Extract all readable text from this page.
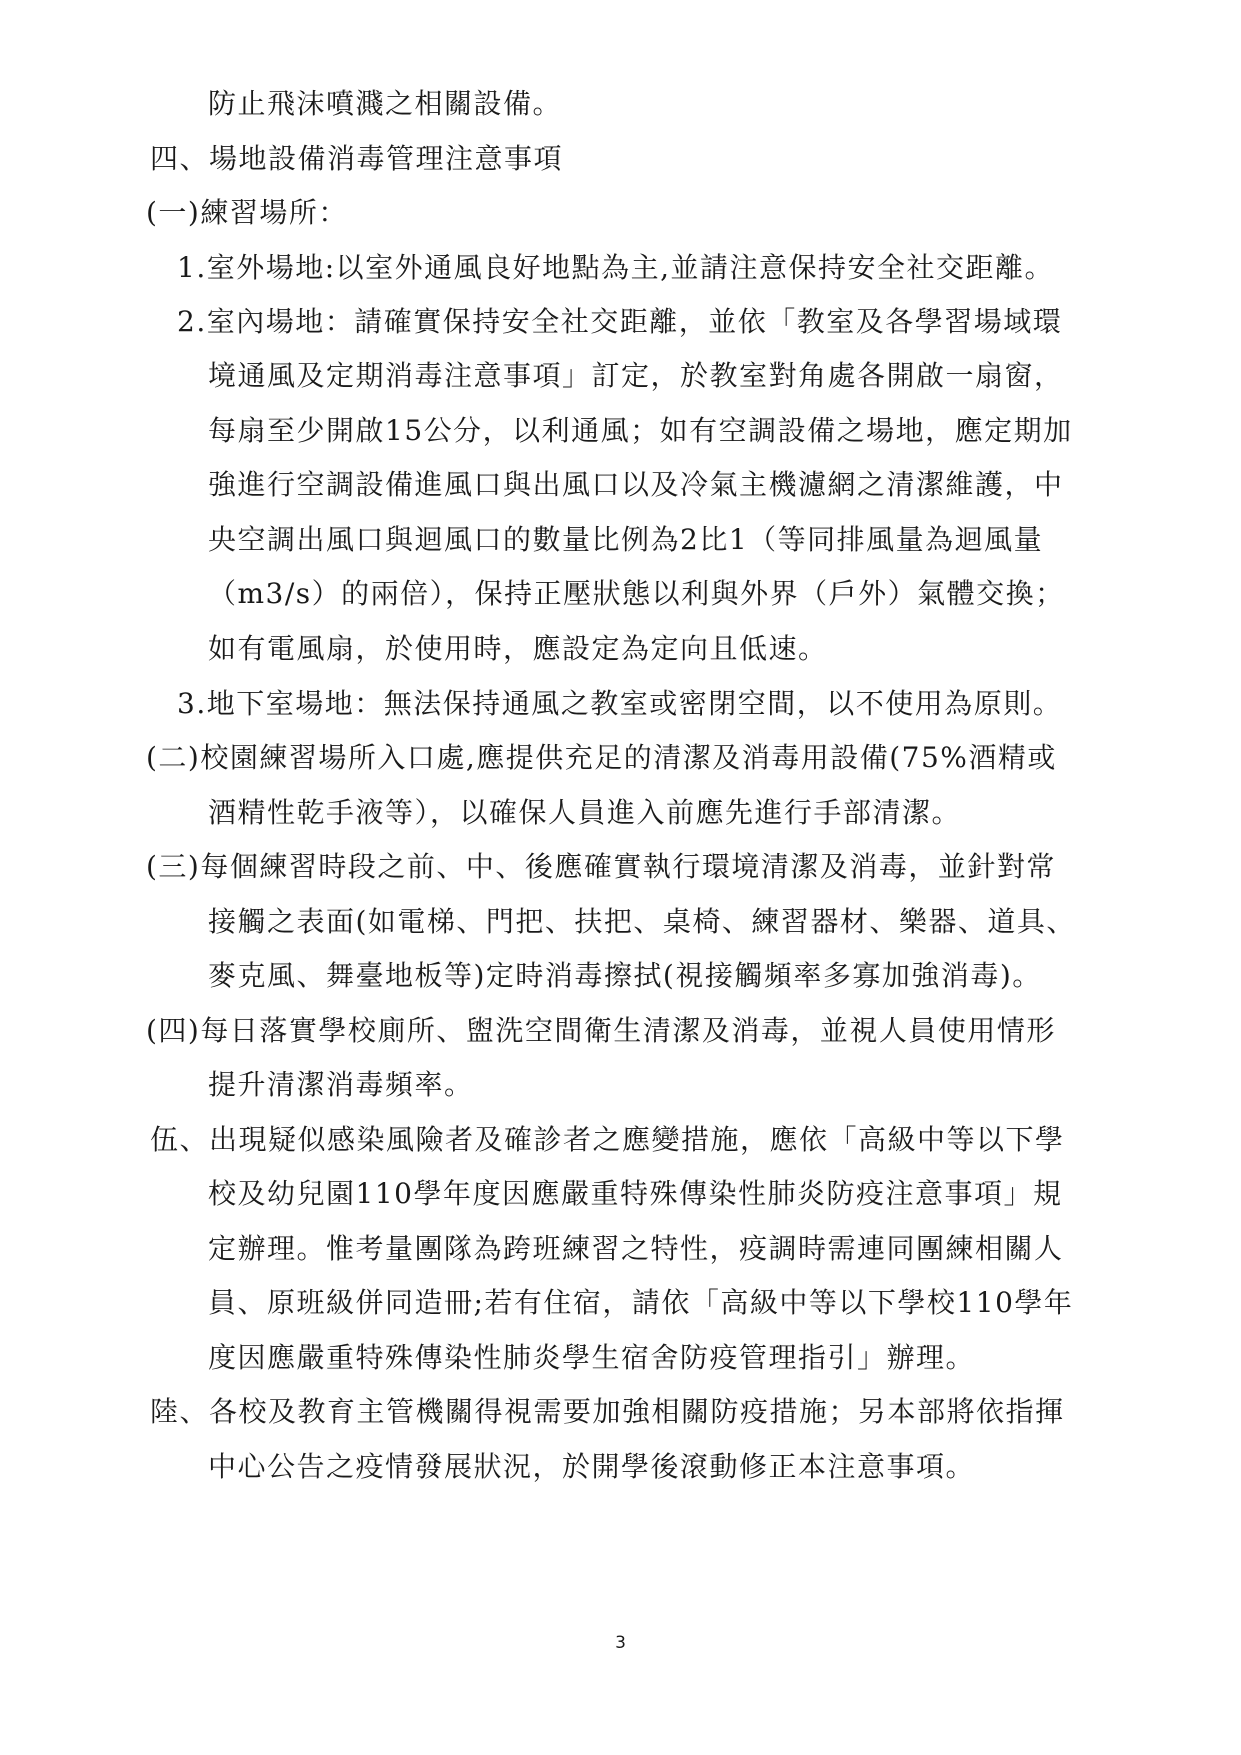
防止飛沫噴濺之相關設備。
四、場地設備消毒管理注意事項
(一)練習場所：
1.室外場地:以室外通風良好地點為主,並請注意保持安全社交距離。
2.室內場地：請確實保持安全社交距離，並依「教室及各學習場域環
境通風及定期消毒注意事項」訂定，於教室對角處各開啟一扇窗，
每扇至少開啟15公分，以利通風；如有空調設備之場地，應定期加
強進行空調設備進風口與出風口以及冷氣主機濾網之清潔維護，中
央空調出風口與迴風口的數量比例為2比1（等同排風量為迴風量
（m3/s）的兩倍），保持正壓狀態以利與外界（戶外）氣體交換；
如有電風扇，於使用時，應設定為定向且低速。
3.地下室場地：無法保持通風之教室或密閉空間，以不使用為原則。
(二)校園練習場所入口處,應提供充足的清潔及消毒用設備(75%酒精或
酒精性乾手液等），以確保人員進入前應先進行手部清潔。
(三)每個練習時段之前、中、後應確實執行環境清潔及消毒，並針對常
接觸之表面(如電梯、門把、扶把、桌椅、練習器材、樂器、道具、
麥克風、舞臺地板等)定時消毒擦拭(視接觸頻率多寡加強消毒)。
(四)每日落實學校廁所、盥洗空間衛生清潔及消毒，並視人員使用情形
提升清潔消毒頻率。
伍、出現疑似感染風險者及確診者之應變措施，應依「高級中等以下學
校及幼兒園110學年度因應嚴重特殊傳染性肺炎防疫注意事項」規
定辦理。惟考量團隊為跨班練習之特性，疫調時需連同團練相關人
員、原班級併同造冊;若有住宿，請依「高級中等以下學校110學年
度因應嚴重特殊傳染性肺炎學生宿舍防疫管理指引」辦理。
陸、各校及教育主管機關得視需要加強相關防疫措施；另本部將依指揮
中心公告之疫情發展狀況，於開學後滾動修正本注意事項。
3
